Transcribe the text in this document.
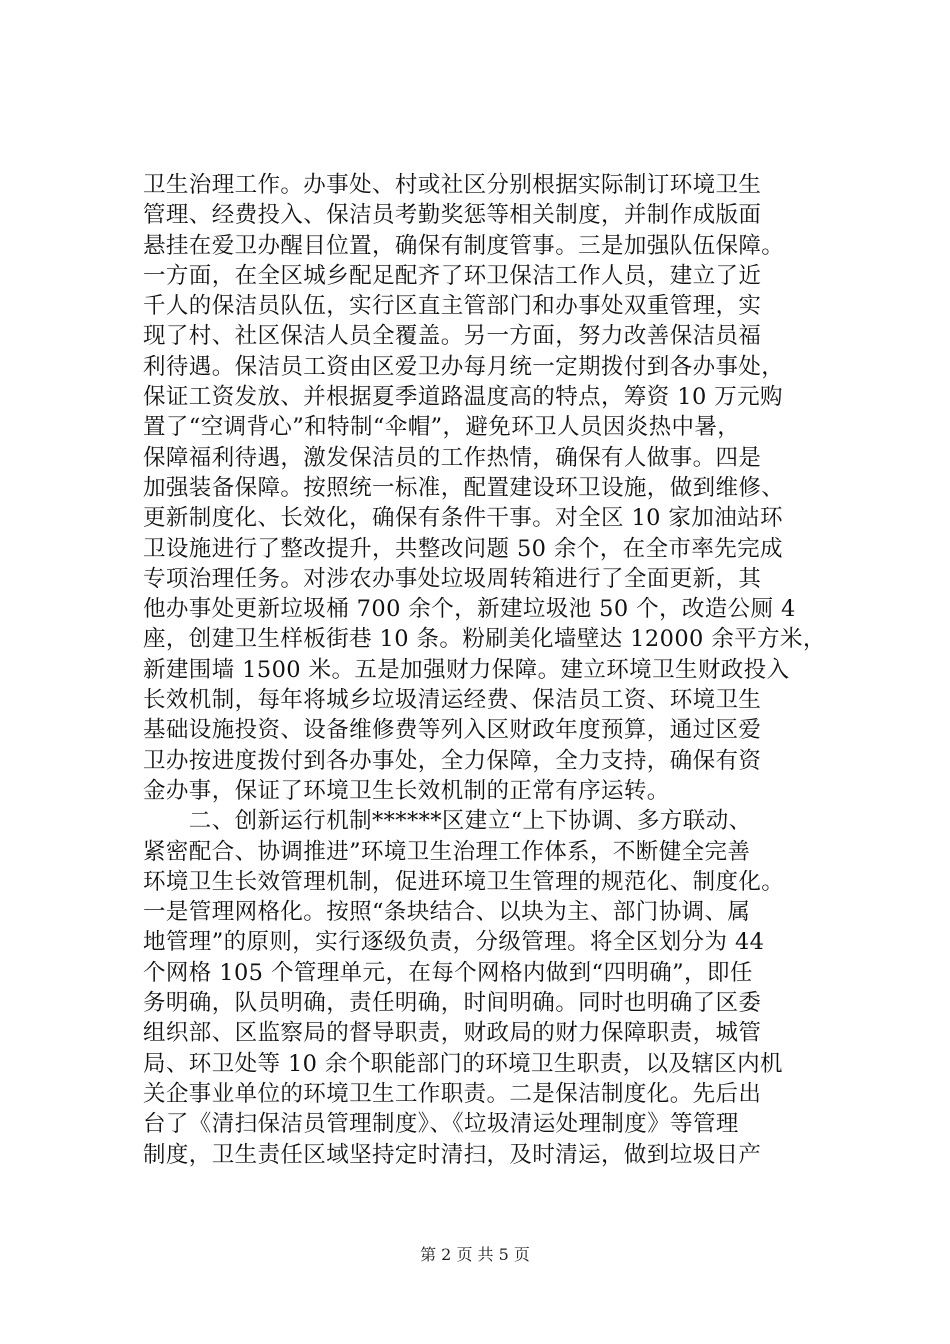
卫生治理工作。办事处、村或社区分别根据实际制订环境卫生
管理、经费投入、保洁员考勤奖惩等相关制度，并制作成版面
悬挂在爱卫办醒目位置，确保有制度管事。三是加强队伍保障。
一方面，在全区城乡配足配齐了环卫保洁工作人员，建立了近
千人的保洁员队伍，实行区直主管部门和办事处双重管理，实
现了村、社区保洁人员全覆盖。另一方面，努力改善保洁员福
利待遇。保洁员工资由区爱卫办每月统一定期拨付到各办事处，
保证工资发放、并根据夏季道路温度高的特点，筹资 10 万元购
置了“空调背心”和特制“伞帽”，避免环卫人员因炎热中暑，
保障福利待遇，激发保洁员的工作热情，确保有人做事。四是
加强装备保障。按照统一标准，配置建设环卫设施，做到维修、
更新制度化、长效化，确保有条件干事。对全区 10 家加油站环
卫设施进行了整改提升，共整改问题 50 余个，在全市率先完成
专项治理任务。对涉农办事处垃圾周转箱进行了全面更新，其
他办事处更新垃圾桶 700 余个，新建垃圾池 50 个，改造公厕 4
座，创建卫生样板街巷 10 条。粉刷美化墙壁达 12000 余平方米，
新建围墙 1500 米。五是加强财力保障。建立环境卫生财政投入
长效机制，每年将城乡垃圾清运经费、保洁员工资、环境卫生
基础设施投资、设备维修费等列入区财政年度预算，通过区爱
卫办按进度拨付到各办事处，全力保障，全力支持，确保有资
金办事，保证了环境卫生长效机制的正常有序运转。
　　二、创新运行机制******区建立“上下协调、多方联动、
紧密配合、协调推进”环境卫生治理工作体系，不断健全完善
环境卫生长效管理机制，促进环境卫生管理的规范化、制度化。
一是管理网格化。按照“条块结合、以块为主、部门协调、属
地管理”的原则，实行逐级负责，分级管理。将全区划分为 44
个网格 105 个管理单元，在每个网格内做到“四明确”，即任
务明确，队员明确，责任明确，时间明确。同时也明确了区委
组织部、区监察局的督导职责，财政局的财力保障职责，城管
局、环卫处等 10 余个职能部门的环境卫生职责，以及辖区内机
关企事业单位的环境卫生工作职责。二是保洁制度化。先后出
台了《清扫保洁员管理制度》、《垃圾清运处理制度》等管理
制度，卫生责任区域坚持定时清扫，及时清运，做到垃圾日产
第 2 页 共 5 页
